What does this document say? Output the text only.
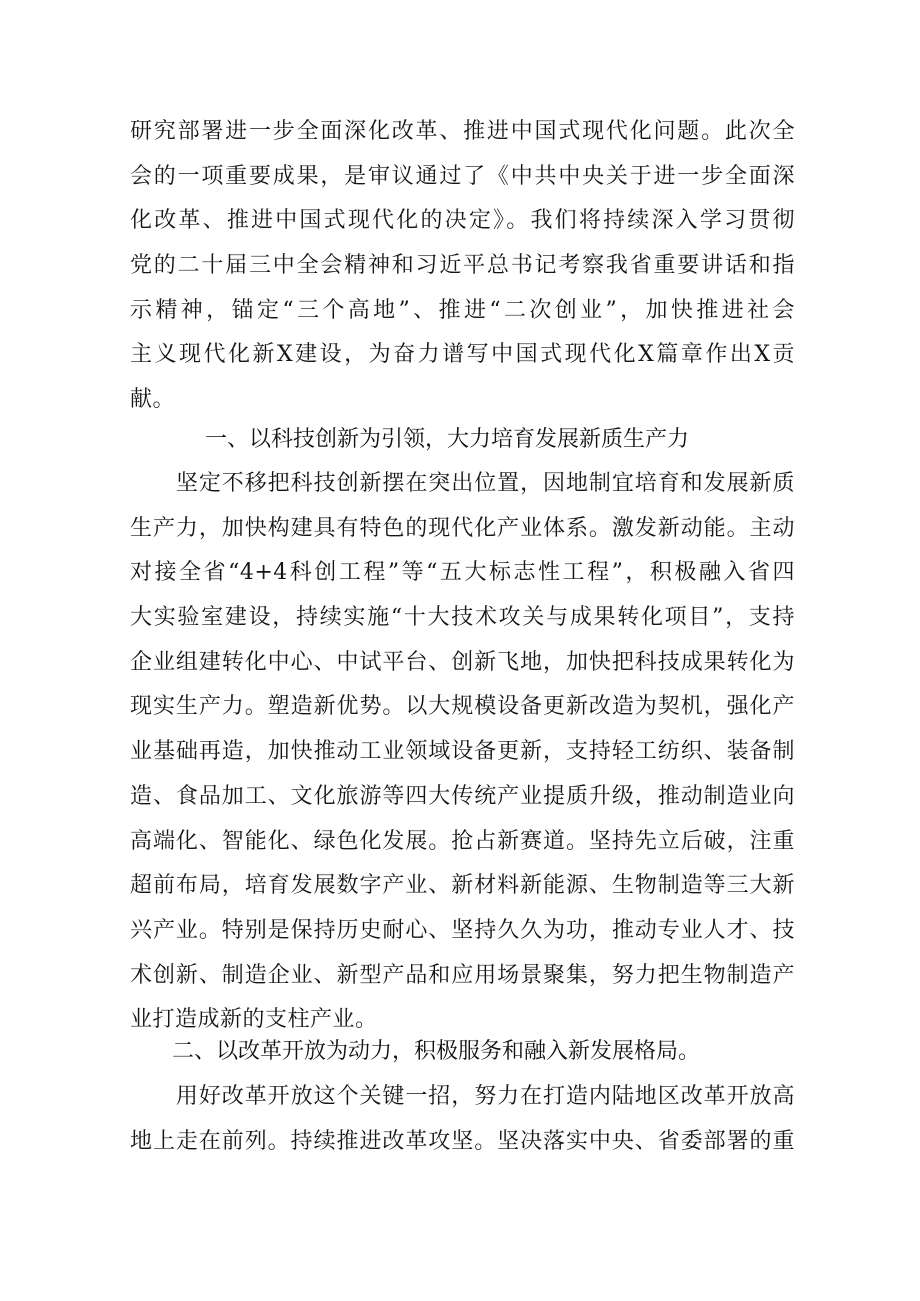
研究部署进一步全面深化改革、推进中国式现代化问题。此次全
会的一项重要成果，是审议通过了《中共中央关于进一步全面深
化改革、推进中国式现代化的决定》。我们将持续深入学习贯彻
党的二十届三中全会精神和习近平总书记考察我省重要讲话和指
示精神，锚定“三个高地”、推进“二次创业”，加快推进社会
主义现代化新X建设，为奋力谱写中国式现代化X篇章作出X贡
献。
一、以科技创新为引领，大力培育发展新质生产力
　　坚定不移把科技创新摆在突出位置，因地制宜培育和发展新质
生产力，加快构建具有特色的现代化产业体系。激发新动能。主动
对接全省“4+4科创工程”等“五大标志性工程”，积极融入省四
大实验室建设，持续实施“十大技术攻关与成果转化项目”，支持
企业组建转化中心、中试平台、创新飞地，加快把科技成果转化为
现实生产力。塑造新优势。以大规模设备更新改造为契机，强化产
业基础再造，加快推动工业领域设备更新，支持轻工纺织、装备制
造、食品加工、文化旅游等四大传统产业提质升级，推动制造业向
高端化、智能化、绿色化发展。抢占新赛道。坚持先立后破，注重
超前布局，培育发展数字产业、新材料新能源、生物制造等三大新
兴产业。特别是保持历史耐心、坚持久久为功，推动专业人才、技
术创新、制造企业、新型产品和应用场景聚集，努力把生物制造产
业打造成新的支柱产业。
二、以改革开放为动力，积极服务和融入新发展格局。
　　用好改革开放这个关键一招，努力在打造内陆地区改革开放高
地上走在前列。持续推进改革攻坚。坚决落实中央、省委部署的重
